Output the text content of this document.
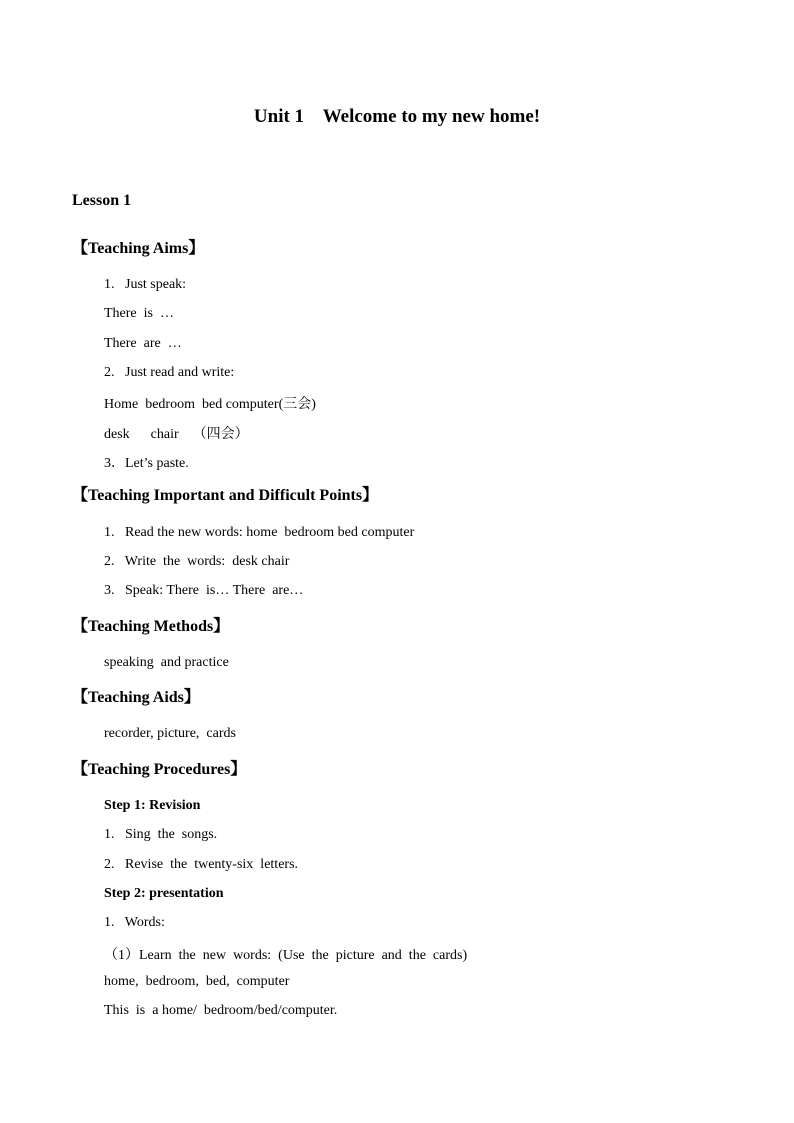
Unit 1    Welcome to my new home!
Lesson 1
【Teaching Aims】
1.   Just speak:
There  is  …
There  are  …
2.   Just read and write:
Home  bedroom  bed computer(三会)
desk      chair    （四会）
3．Let’s paste.
【Teaching Important and Difficult Points】
1.   Read the new words: home  bedroom bed computer
2.   Write  the  words:  desk chair
3.   Speak: There  is… There  are…
【Teaching Methods】
speaking  and practice
【Teaching Aids】
recorder, picture,  cards
【Teaching Procedures】
Step 1: Revision
1.   Sing  the  songs.
2.   Revise  the  twenty-six  letters.
Step 2: presentation
1.   Words:
（1）Learn  the  new  words:  (Use  the  picture  and  the  cards)
home,  bedroom,  bed,  computer
This  is  a home/  bedroom/bed/computer.
